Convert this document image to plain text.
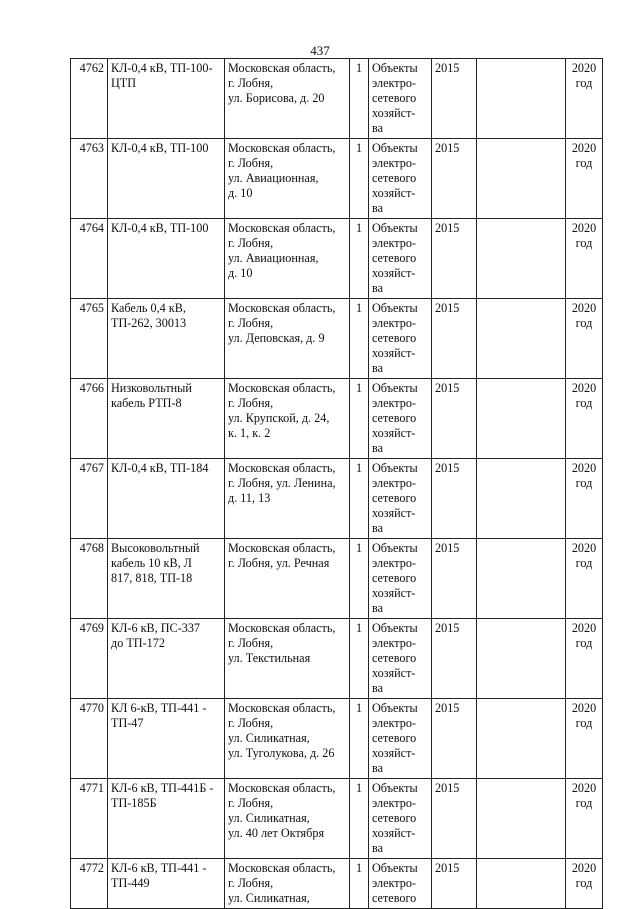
437
4762	КЛ-0,4 кВ, ТП-100-
ЦТП	Московская область,
г. Лобня,
ул. Борисова, д. 20	1	Объекты
электро-
сетевого
хозяйст-
ва	2015		2020
год
4763	КЛ-0,4 кВ, ТП-100	Московская область,
г. Лобня,
ул. Авиационная,
д. 10	1	Объекты
электро-
сетевого
хозяйст-
ва	2015		2020
год
4764	КЛ-0,4 кВ, ТП-100	Московская область,
г. Лобня,
ул. Авиационная,
д. 10	1	Объекты
электро-
сетевого
хозяйст-
ва	2015		2020
год
4765	Кабель 0,4 кВ,
ТП-262, 30013	Московская область,
г. Лобня,
ул. Деповская, д. 9	1	Объекты
электро-
сетевого
хозяйст-
ва	2015		2020
год
4766	Низковольтный
кабель РТП-8	Московская область,
г. Лобня,
ул. Крупской, д. 24,
к. 1, к. 2	1	Объекты
электро-
сетевого
хозяйст-
ва	2015		2020
год
4767	КЛ-0,4 кВ, ТП-184	Московская область,
г. Лобня, ул. Ленина,
д. 11, 13	1	Объекты
электро-
сетевого
хозяйст-
ва	2015		2020
год
4768	Высоковольтный
кабель 10 кВ, Л
817, 818, ТП-18	Московская область,
г. Лобня, ул. Речная	1	Объекты
электро-
сетевого
хозяйст-
ва	2015		2020
год
4769	КЛ-6 кВ, ПС-337
до ТП-172	Московская область,
г. Лобня,
ул. Текстильная	1	Объекты
электро-
сетевого
хозяйст-
ва	2015		2020
год
4770	КЛ 6-кВ, ТП-441 -
ТП-47	Московская область,
г. Лобня,
ул. Силикатная,
ул. Туголукова, д. 26	1	Объекты
электро-
сетевого
хозяйст-
ва	2015		2020
год
4771	КЛ-6 кВ, ТП-441Б -
ТП-185Б	Московская область,
г. Лобня,
ул. Силикатная,
ул. 40 лет Октября	1	Объекты
электро-
сетевого
хозяйст-
ва	2015		2020
год
4772	КЛ-6 кВ, ТП-441 -
ТП-449	Московская область,
г. Лобня,
ул. Силикатная,	1	Объекты
электро-
сетевого	2015		2020
год
